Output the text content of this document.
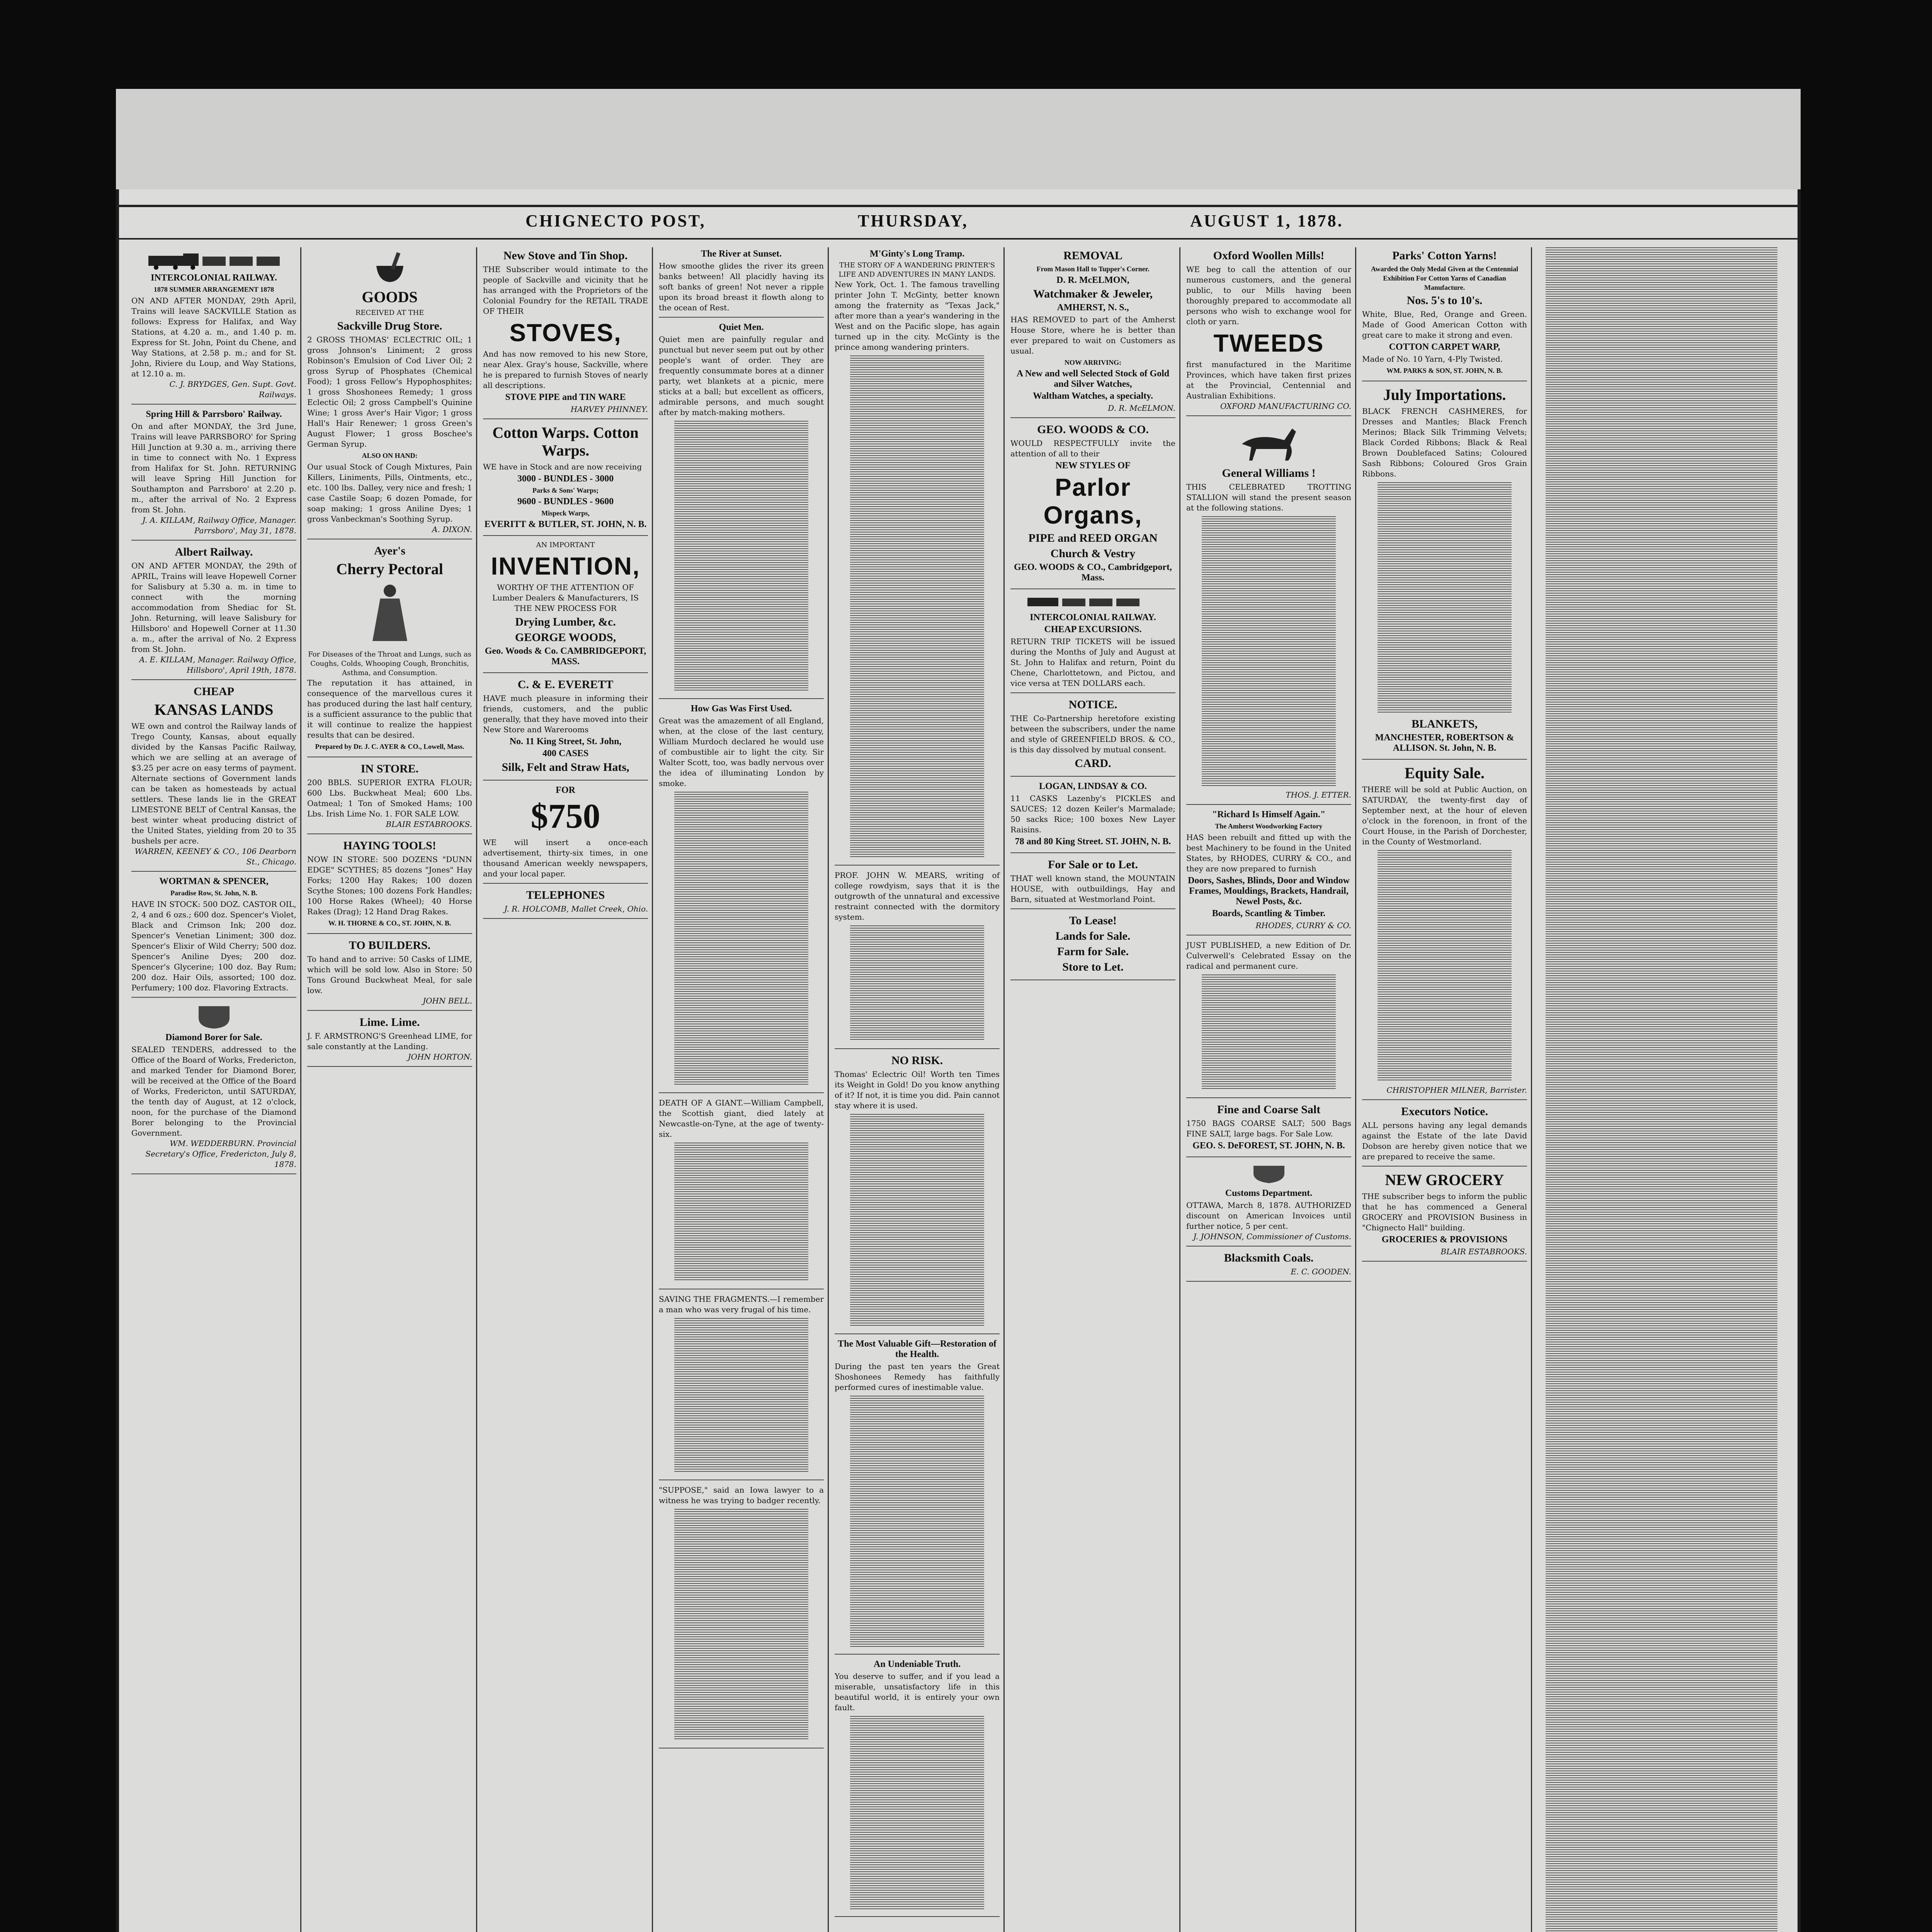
CHIGNECTO POST,	THURSDAY,	AUGUST 1, 1878.
INTERCOLONIAL RAILWAY.
1878 SUMMER ARRANGEMENT 1878
ON AND AFTER MONDAY, 29th April, Trains will leave SACKVILLE Station as follows: Express for Halifax, and Way Stations, at 4.20 a. m., and 1.40 p. m. Express for St. John, Point du Chene, and Way Stations, at 2.58 p. m.; and for St. John, Riviere du Loup, and Way Stations, at 12.10 a. m.
C. J. BRYDGES, Gen. Supt. Govt. Railways.
Spring Hill & Parrsboro' Railway.
On and after MONDAY, the 3rd June, Trains will leave PARRSBORO' for Spring Hill Junction at 9.30 a. m., arriving there in time to connect with No. 1 Express from Halifax for St. John. RETURNING will leave Spring Hill Junction for Southampton and Parrsboro' at 2.20 p. m., after the arrival of No. 2 Express from St. John.
J. A. KILLAM, Railway Office, Manager. Parrsboro', May 31, 1878.
Albert Railway.
ON AND AFTER MONDAY, the 29th of APRIL, Trains will leave Hopewell Corner for Salisbury at 5.30 a. m. in time to connect with the morning accommodation from Shediac for St. John. Returning, will leave Salisbury for Hillsboro' and Hopewell Corner at 11.30 a. m., after the arrival of No. 2 Express from St. John.
A. E. KILLAM, Manager. Railway Office, Hillsboro', April 19th, 1878.
CHEAP
KANSAS LANDS
WE own and control the Railway lands of Trego County, Kansas, about equally divided by the Kansas Pacific Railway, which we are selling at an average of $3.25 per acre on easy terms of payment. Alternate sections of Government lands can be taken as homesteads by actual settlers. These lands lie in the GREAT LIMESTONE BELT of Central Kansas, the best winter wheat producing district of the United States, yielding from 20 to 35 bushels per acre.
WARREN, KEENEY & CO., 106 Dearborn St., Chicago.
WORTMAN & SPENCER,
Paradise Row, St. John, N. B.
HAVE IN STOCK: 500 DOZ. CASTOR OIL, 2, 4 and 6 ozs.; 600 doz. Spencer's Violet, Black and Crimson Ink; 200 doz. Spencer's Venetian Liniment; 300 doz. Spencer's Elixir of Wild Cherry; 500 doz. Spencer's Aniline Dyes; 200 doz. Spencer's Glycerine; 100 doz. Bay Rum; 200 doz. Hair Oils, assorted; 100 doz. Perfumery; 100 doz. Flavoring Extracts.
Diamond Borer for Sale.
SEALED TENDERS, addressed to the Office of the Board of Works, Fredericton, and marked Tender for Diamond Borer, will be received at the Office of the Board of Works, Fredericton, until SATURDAY, the tenth day of August, at 12 o'clock, noon, for the purchase of the Diamond Borer belonging to the Provincial Government.
WM. WEDDERBURN. Provincial Secretary's Office, Fredericton, July 8, 1878.
GOODS
RECEIVED AT THE
Sackville Drug Store.
2 GROSS THOMAS' ECLECTRIC OIL; 1 gross Johnson's Liniment; 2 gross Robinson's Emulsion of Cod Liver Oil; 2 gross Syrup of Phosphates (Chemical Food); 1 gross Fellow's Hypophosphites; 1 gross Shoshonees Remedy; 1 gross Eclectic Oil; 2 gross Campbell's Quinine Wine; 1 gross Aver's Hair Vigor; 1 gross Hall's Hair Renewer; 1 gross Green's August Flower; 1 gross Boschee's German Syrup.
ALSO ON HAND:
Our usual Stock of Cough Mixtures, Pain Killers, Liniments, Pills, Ointments, etc., etc. 100 lbs. Dalley, very nice and fresh; 1 case Castile Soap; 6 dozen Pomade, for soap making; 1 gross Aniline Dyes; 1 gross Vanbeckman's Soothing Syrup.
A. DIXON.
Ayer's
Cherry Pectoral
For Diseases of the Throat and Lungs, such as Coughs, Colds, Whooping Cough, Bronchitis, Asthma, and Consumption.
The reputation it has attained, in consequence of the marvellous cures it has produced during the last half century, is a sufficient assurance to the public that it will continue to realize the happiest results that can be desired.
Prepared by Dr. J. C. AYER & CO., Lowell, Mass.
IN STORE.
200 BBLS. SUPERIOR EXTRA FLOUR; 600 Lbs. Buckwheat Meal; 600 Lbs. Oatmeal; 1 Ton of Smoked Hams; 100 Lbs. Irish Lime No. 1. FOR SALE LOW.
BLAIR ESTABROOKS.
HAYING TOOLS!
NOW IN STORE: 500 DOZENS "DUNN EDGE" SCYTHES; 85 dozens "Jones" Hay Forks; 1200 Hay Rakes; 100 dozen Scythe Stones; 100 dozens Fork Handles; 100 Horse Rakes (Wheel); 40 Horse Rakes (Drag); 12 Hand Drag Rakes.
W. H. THORNE & CO., ST. JOHN, N. B.
TO BUILDERS.
To hand and to arrive: 50 Casks of LIME, which will be sold low. Also in Store: 50 Tons Ground Buckwheat Meal, for sale low.
JOHN BELL.
Lime. Lime.
J. F. ARMSTRONG'S Greenhead LIME, for sale constantly at the Landing.
JOHN HORTON.
New Stove and Tin Shop.
THE Subscriber would intimate to the people of Sackville and vicinity that he has arranged with the Proprietors of the Colonial Foundry for the RETAIL TRADE OF THEIR
STOVES,
And has now removed to his new Store, near Alex. Gray's house, Sackville, where he is prepared to furnish Stoves of nearly all descriptions.
STOVE PIPE and TIN WARE
HARVEY PHINNEY.
Cotton Warps. Cotton Warps.
WE have in Stock and are now receiving
3000 - BUNDLES - 3000
Parks & Sons' Warps;
9600 - BUNDLES - 9600
Mispeck Warps,
EVERITT & BUTLER, ST. JOHN, N. B.
AN IMPORTANT
INVENTION,
WORTHY OF THE ATTENTION OF Lumber Dealers & Manufacturers, IS THE NEW PROCESS FOR
Drying Lumber, &c.
GEORGE WOODS,
Geo. Woods & Co. CAMBRIDGEPORT, MASS.
C. & E. EVERETT
HAVE much pleasure in informing their friends, customers, and the public generally, that they have moved into their New Store and Warerooms
No. 11 King Street, St. John,
400 CASES
Silk, Felt and Straw Hats,
FOR
$750
WE will insert a once-each advertisement, thirty-six times, in one thousand American weekly newspapers, and your local paper.
TELEPHONES
J. R. HOLCOMB, Mallet Creek, Ohio.
The River at Sunset.
How smoothe glides the river its green banks between! All placidly having its soft banks of green! Not never a ripple upon its broad breast it flowth along to the ocean of Rest.
Quiet Men.
Quiet men are painfully regular and punctual but never seem put out by other people's want of order. They are frequently consummate bores at a dinner party, wet blankets at a picnic, mere sticks at a ball; but excellent as officers, admirable persons, and much sought after by match-making mothers.
How Gas Was First Used.
Great was the amazement of all England, when, at the close of the last century, William Murdoch declared he would use of combustible air to light the city. Sir Walter Scott, too, was badly nervous over the idea of illuminating London by smoke.
DEATH OF A GIANT.—William Campbell, the Scottish giant, died lately at Newcastle-on-Tyne, at the age of twenty-six.
SAVING THE FRAGMENTS.—I remember a man who was very frugal of his time.
"SUPPOSE," said an Iowa lawyer to a witness he was trying to badger recently.
M'Ginty's Long Tramp.
THE STORY OF A WANDERING PRINTER'S LIFE AND ADVENTURES IN MANY LANDS.
New York, Oct. 1. The famous travelling printer John T. McGinty, better known among the fraternity as "Texas Jack," after more than a year's wandering in the West and on the Pacific slope, has again turned up in the city. McGinty is the prince among wandering printers.
PROF. JOHN W. MEARS, writing of college rowdyism, says that it is the outgrowth of the unnatural and excessive restraint connected with the dormitory system.
NO RISK.
Thomas' Eclectric Oil! Worth ten Times its Weight in Gold! Do you know anything of it? If not, it is time you did. Pain cannot stay where it is used.
The Most Valuable Gift—Restoration of the Health.
During the past ten years the Great Shoshonees Remedy has faithfully performed cures of inestimable value.
An Undeniable Truth.
You deserve to suffer, and if you lead a miserable, unsatisfactory life in this beautiful world, it is entirely your own fault.
REMOVAL
From Mason Hall to Tupper's Corner.
D. R. McELMON,
Watchmaker & Jeweler,
AMHERST, N. S.,
HAS REMOVED to part of the Amherst House Store, where he is better than ever prepared to wait on Customers as usual.
NOW ARRIVING:
A New and well Selected Stock of Gold and Silver Watches,
Waltham Watches, a specialty.
D. R. McELMON.
GEO. WOODS & CO.
WOULD RESPECTFULLY invite the attention of all to their
NEW STYLES OF
Parlor Organs,
PIPE and REED ORGAN
Church & Vestry
GEO. WOODS & CO., Cambridgeport, Mass.
INTERCOLONIAL RAILWAY.
CHEAP EXCURSIONS.
RETURN TRIP TICKETS will be issued during the Months of July and August at St. John to Halifax and return, Point du Chene, Charlottetown, and Pictou, and vice versa at TEN DOLLARS each.
NOTICE.
THE Co-Partnership heretofore existing between the subscribers, under the name and style of GREENFIELD BROS. & CO., is this day dissolved by mutual consent.
CARD.
LOGAN, LINDSAY & CO.
11 CASKS Lazenby's PICKLES and SAUCES; 12 dozen Keiler's Marmalade; 50 sacks Rice; 100 boxes New Layer Raisins.
78 and 80 King Street. ST. JOHN, N. B.
For Sale or to Let.
THAT well known stand, the MOUNTAIN HOUSE, with outbuildings, Hay and Barn, situated at Westmorland Point.
To Lease!
Lands for Sale.
Farm for Sale.
Store to Let.
Oxford Woollen Mills!
WE beg to call the attention of our numerous customers, and the general public, to our Mills having been thoroughly prepared to accommodate all persons who wish to exchange wool for cloth or yarn.
TWEEDS
first manufactured in the Maritime Provinces, which have taken first prizes at the Provincial, Centennial and Australian Exhibitions.
OXFORD MANUFACTURING CO.
General Williams !
THIS CELEBRATED TROTTING STALLION will stand the present season at the following stations.
THOS. J. ETTER.
"Richard Is Himself Again."
The Amherst Woodworking Factory
HAS been rebuilt and fitted up with the best Machinery to be found in the United States, by RHODES, CURRY & CO., and they are now prepared to furnish
Doors, Sashes, Blinds, Door and Window Frames, Mouldings, Brackets, Handrail, Newel Posts, &c.
Boards, Scantling & Timber.
RHODES, CURRY & CO.
JUST PUBLISHED, a new Edition of Dr. Culverwell's Celebrated Essay on the radical and permanent cure.
Fine and Coarse Salt
1750 BAGS COARSE SALT; 500 Bags FINE SALT, large bags. For Sale Low.
GEO. S. DeFOREST, ST. JOHN, N. B.
Customs Department.
OTTAWA, March 8, 1878. AUTHORIZED discount on American Invoices until further notice, 5 per cent.
J. JOHNSON, Commissioner of Customs.
Blacksmith Coals.
E. C. GOODEN.
Parks' Cotton Yarns!
Awarded the Only Medal Given at the Centennial Exhibition For Cotton Yarns of Canadian Manufacture.
Nos. 5's to 10's.
White, Blue, Red, Orange and Green. Made of Good American Cotton with great care to make it strong and even.
COTTON CARPET WARP,
Made of No. 10 Yarn, 4-Ply Twisted.
WM. PARKS & SON, ST. JOHN, N. B.
July Importations.
BLACK FRENCH CASHMERES, for Dresses and Mantles; Black French Merinos; Black Silk Trimming Velvets; Black Corded Ribbons; Black & Real Brown Doublefaced Satins; Coloured Sash Ribbons; Coloured Gros Grain Ribbons.
BLANKETS,
MANCHESTER, ROBERTSON & ALLISON. St. John, N. B.
Equity Sale.
THERE will be sold at Public Auction, on SATURDAY, the twenty-first day of September next, at the hour of eleven o'clock in the forenoon, in front of the Court House, in the Parish of Dorchester, in the County of Westmorland.
CHRISTOPHER MILNER, Barrister.
Executors Notice.
ALL persons having any legal demands against the Estate of the late David Dobson are hereby given notice that we are prepared to receive the same.
NEW GROCERY
THE subscriber begs to inform the public that he has commenced a General GROCERY and PROVISION Business in "Chignecto Hall" building.
GROCERIES & PROVISIONS
BLAIR ESTABROOKS.
